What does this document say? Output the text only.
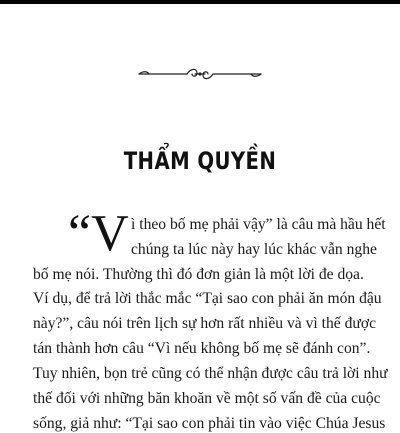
THẨM QUYỀN
“V ì theo bố mẹ phải vậy” là câu mà hầu hết
chúng ta lúc này hay lúc khác vẫn nghe
bố mẹ nói. Thường thì đó đơn giản là một lời đe dọa.
Ví dụ, để trả lời thắc mắc “Tại sao con phải ăn món đậu
này?”, câu nói trên lịch sự hơn rất nhiều và vì thế được
tán thành hơn câu “Vì nếu không bố mẹ sẽ đánh con”.
Tuy nhiên, bọn trẻ cũng có thể nhận được câu trả lời như
thế đối với những băn khoăn về một số vấn đề của cuộc
sống, giả như: “Tại sao con phải tin vào việc Chúa Jesus
